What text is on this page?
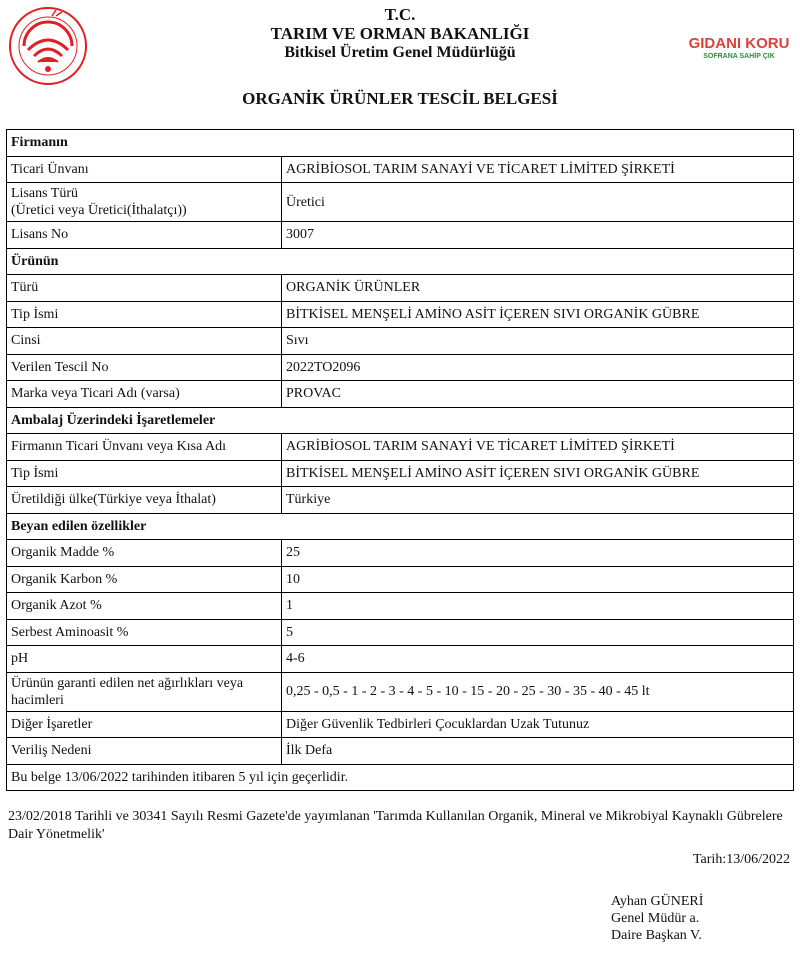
GIDANI KORU
SOFRANA SAHİP ÇIK
T.C.
TARIM VE ORMAN BAKANLIĞI
Bitkisel Üretim Genel Müdürlüğü
ORGANİK ÜRÜNLER TESCİL BELGESİ
Firmanın	
Ticari Ünvanı	AGRİBİOSOL TARIM SANAYİ VE TİCARET LİMİTED ŞİRKETİ

Lisans Türü
(Üretici veya Üretici(İthalatçı))	Üretici
Lisans No	3007
Ürünün	
Türü	ORGANİK ÜRÜNLER
Tip İsmi	BİTKİSEL MENŞELİ AMİNO ASİT İÇEREN SIVI ORGANİK GÜBRE
Cinsi	Sıvı
Verilen Tescil No	2022TO2096
Marka veya Ticari Adı (varsa)	PROVAC
Ambalaj Üzerindeki İşaretlemeler	
Firmanın Ticari Ünvanı veya Kısa Adı	AGRİBİOSOL TARIM SANAYİ VE TİCARET LİMİTED ŞİRKETİ
Tip İsmi	BİTKİSEL MENŞELİ AMİNO ASİT İÇEREN SIVI ORGANİK GÜBRE
Üretildiği ülke(Türkiye veya İthalat)	Türkiye
Beyan edilen özellikler	
Organik Madde %	25
Organik Karbon %	10
Organik Azot %	1
Serbest Aminoasit %	5
pH	4-6
Ürünün garanti edilen net ağırlıkları veya hacimleri	0,25 - 0,5 - 1 - 2 - 3 - 4 - 5 - 10 - 15 - 20 - 25 - 30 - 35 - 40 - 45 lt
Diğer İşaretler	Diğer Güvenlik Tedbirleri Çocuklardan Uzak Tutunuz
Veriliş Nedeni	İlk Defa
Bu belge 13/06/2022 tarihinden itibaren 5 yıl için geçerlidir.	
23/02/2018 Tarihli ve 30341 Sayılı Resmi Gazete'de yayımlanan 'Tarımda Kullanılan Organik, Mineral ve Mikrobiyal Kaynaklı Gübrelere Dair Yönetmelik'
Tarih:13/06/2022
Ayhan GÜNERİ
Genel Müdür a.
Daire Başkan V.
